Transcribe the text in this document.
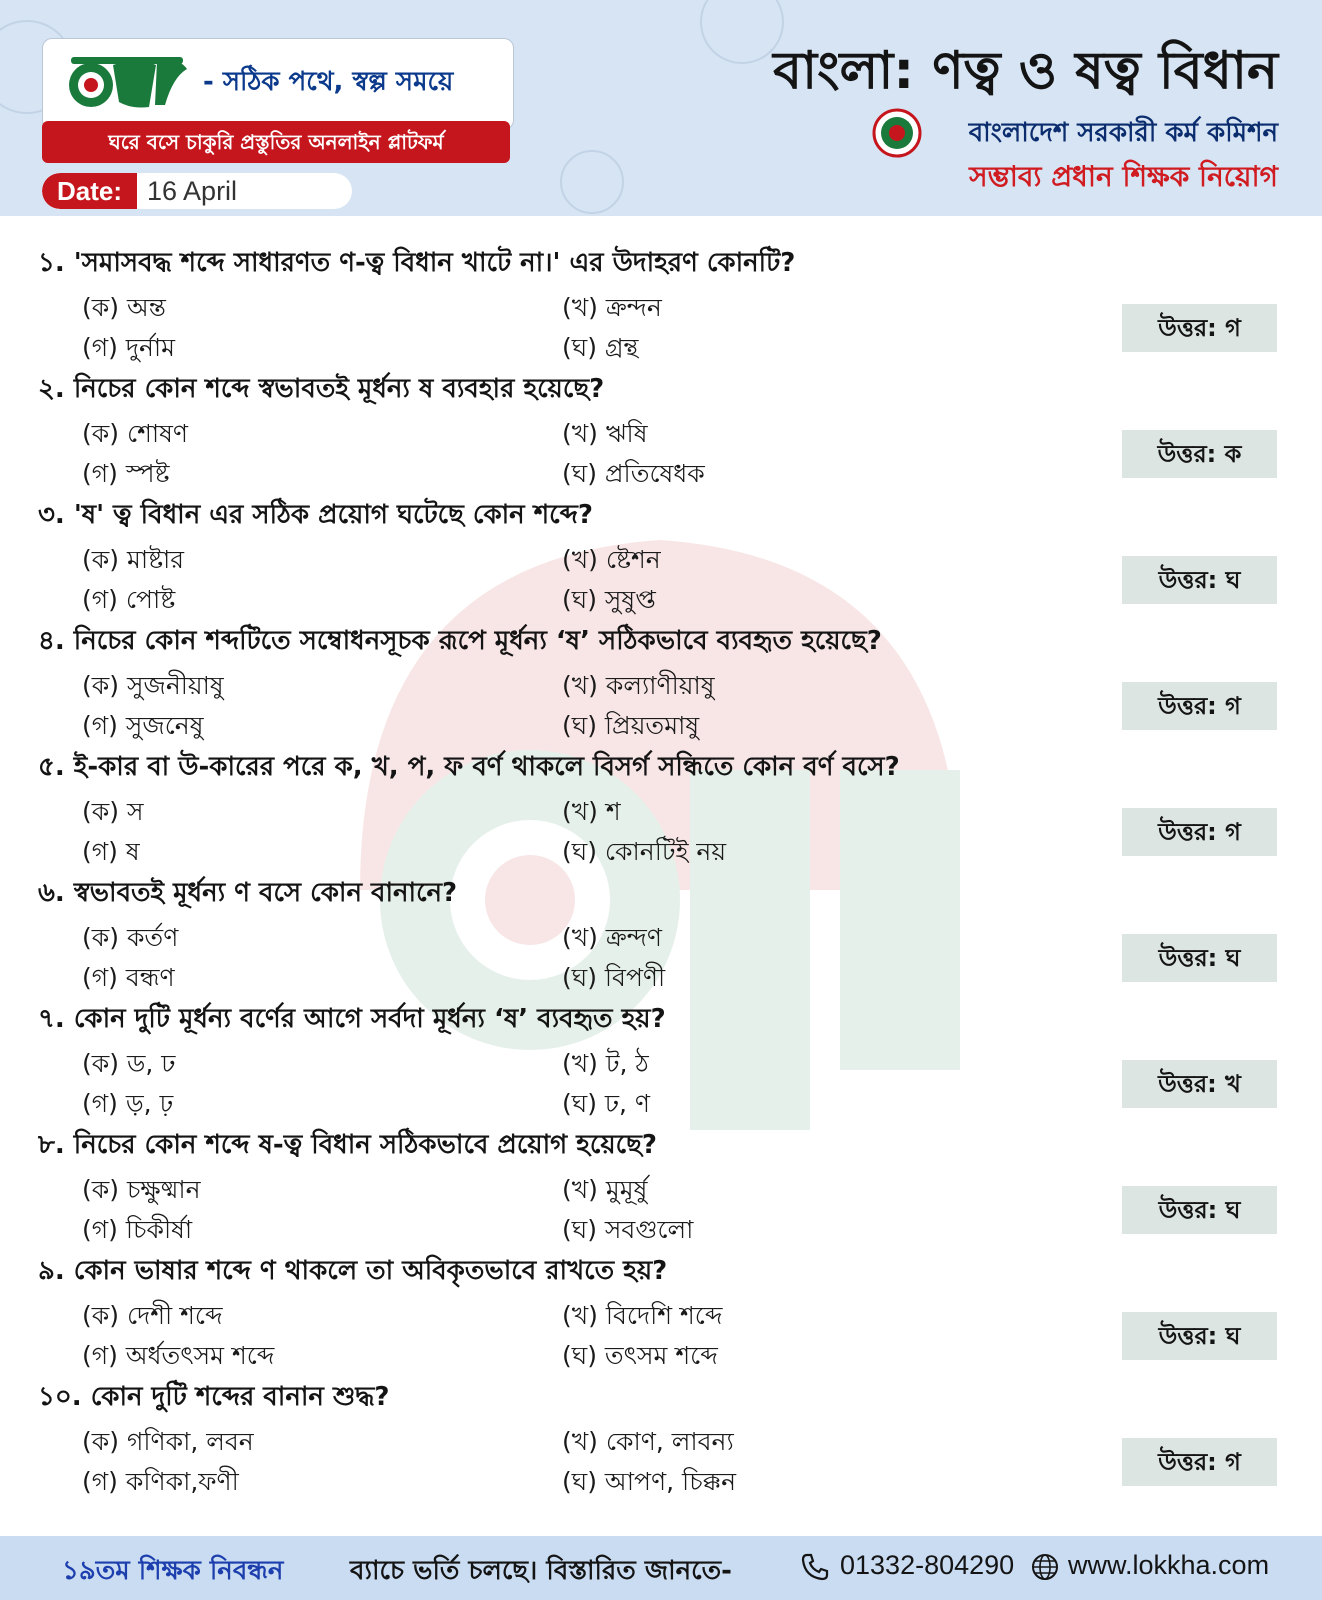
- সঠিক পথে, স্বল্প সময়ে
ঘরে বসে চাকুরি প্রস্তুতির অনলাইন প্লাটফর্ম
Date: 16 April
বাংলা: ণত্ব ও ষত্ব বিধান
বাংলাদেশ সরকারী কর্ম কমিশন
সম্ভাব্য প্রধান শিক্ষক নিয়োগ
১. 'সমাসবদ্ধ শব্দে সাধারণত ণ-ত্ব বিধান খাটে না।' এর উদাহরণ কোনটি?
(ক) অন্ত	(খ) ক্রন্দন
(গ) দুর্নাম	(ঘ) গ্রন্থ
উত্তর: গ
২. নিচের কোন শব্দে স্বভাবতই মূর্ধন্য ষ ব্যবহার হয়েছে?
(ক) শোষণ	(খ) ঋষি
(গ) স্পষ্ট	(ঘ) প্রতিষেধক
উত্তর: ক
৩. 'ষ' ত্ব বিধান এর সঠিক প্রয়োগ ঘটেছে কোন শব্দে?
(ক) মাষ্টার	(খ) ষ্টেশন
(গ) পোষ্ট	(ঘ) সুষুপ্ত
উত্তর: ঘ
৪. নিচের কোন শব্দটিতে সম্বোধনসূচক রূপে মূর্ধন্য ‘ষ’ সঠিকভাবে ব্যবহৃত হয়েছে?
(ক) সুজনীয়াষু	(খ) কল্যাণীয়াষু
(গ) সুজনেষু	(ঘ) প্রিয়তমাষু
উত্তর: গ
৫. ই-কার বা উ-কারের পরে ক, খ, প, ফ বর্ণ থাকলে বিসর্গ সন্ধিতে কোন বর্ণ বসে?
(ক) স	(খ) শ
(গ) ষ	(ঘ) কোনটিই নয়
উত্তর: গ
৬. স্বভাবতই মূর্ধন্য ণ বসে কোন বানানে?
(ক) কর্তণ	(খ) ক্রন্দণ
(গ) বন্ধণ	(ঘ) বিপণী
উত্তর: ঘ
৭. কোন দুটি মূর্ধন্য বর্ণের আগে সর্বদা মূর্ধন্য ‘ষ’ ব্যবহৃত হয়?
(ক) ড, ঢ	(খ) ট, ঠ
(গ) ড়, ঢ়	(ঘ) ঢ, ণ
উত্তর: খ
৮. নিচের কোন শব্দে ষ-ত্ব বিধান সঠিকভাবে প্রয়োগ হয়েছে?
(ক) চক্ষুষ্মান	(খ) মুমূর্ষু
(গ) চিকীর্ষা	(ঘ) সবগুলো
উত্তর: ঘ
৯. কোন ভাষার শব্দে ণ থাকলে তা অবিকৃতভাবে রাখতে হয়?
(ক) দেশী শব্দে	(খ) বিদেশি শব্দে
(গ) অর্ধতৎসম শব্দে	(ঘ) তৎসম শব্দে
উত্তর: ঘ
১০. কোন দুটি শব্দের বানান শুদ্ধ?
(ক) গণিকা, লবন	(খ) কোণ, লাবন্য
(গ) কণিকা,ফণী	(ঘ) আপণ, চিক্কন
উত্তর: গ
১৯তম শিক্ষক নিবন্ধন	ব্যাচে ভর্তি চলছে। বিস্তারিত জানতে-	01332-804290 www.lokkha.com
